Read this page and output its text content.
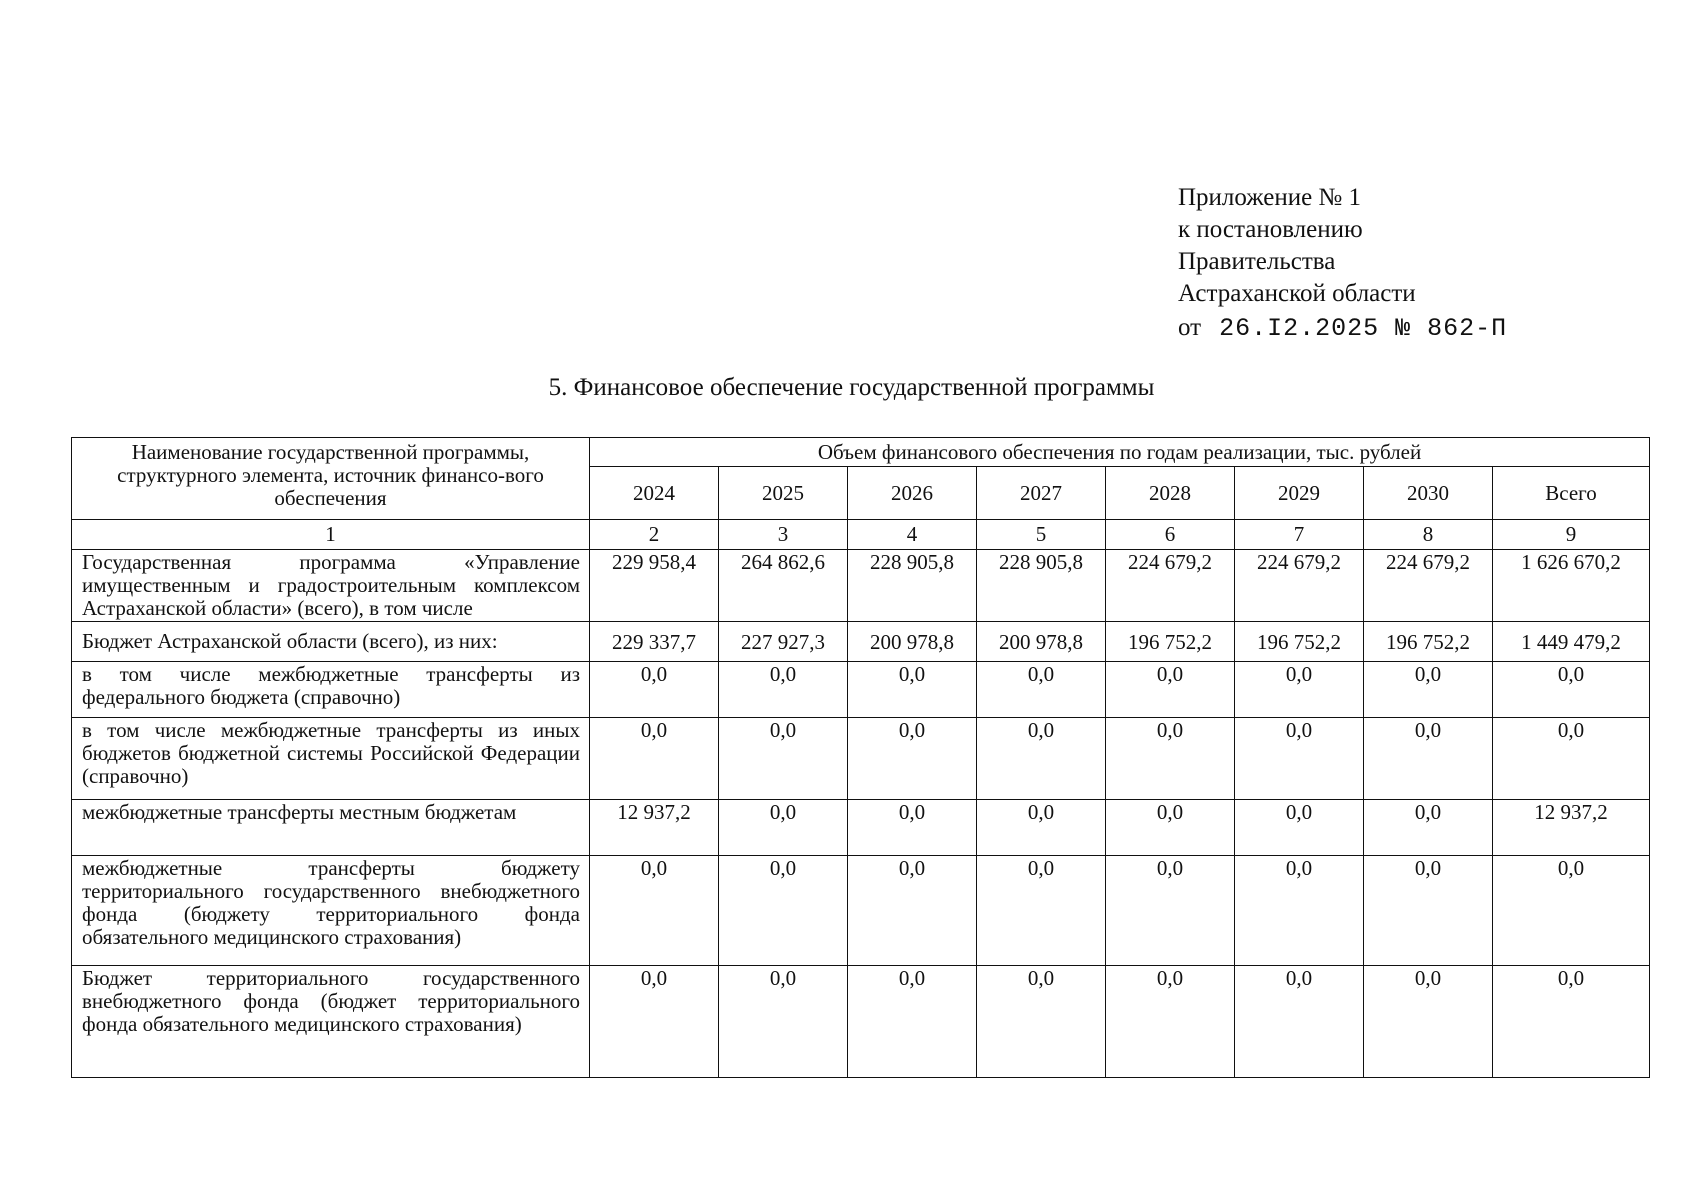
Приложение № 1
к постановлению
Правительства
Астраханской области
от 26.I2.2025 № 862-П
5. Финансовое обеспечение государственной программы
Наименование государственной программы, структурного элемента, источник финансо-вого обеспечения	Объем финансового обеспечения по годам реализации, тыс. рублей							
	2024	2025	2026	2027	2028	2029	2030	Всего
1	2	3	4	5	6	7	8	9
Государственная программа «Управление имущественным и градостроительным комплексом Астраханской области» (всего), в том числе	229 958,4	264 862,6	228 905,8	228 905,8	224 679,2	224 679,2	224 679,2	1 626 670,2
Бюджет Астраханской области (всего), из них:	229 337,7	227 927,3	200 978,8	200 978,8	196 752,2	196 752,2	196 752,2	1 449 479,2
в том числе межбюджетные трансферты из федерального бюджета (справочно)	0,0	0,0	0,0	0,0	0,0	0,0	0,0	0,0
в том числе межбюджетные трансферты из иных бюджетов бюджетной системы Российской Федерации (справочно)	0,0	0,0	0,0	0,0	0,0	0,0	0,0	0,0
межбюджетные трансферты местным бюджетам	12 937,2	0,0	0,0	0,0	0,0	0,0	0,0	12 937,2
межбюджетные трансферты бюджету территориального государственного внебюджетного фонда (бюджету территориального фонда обязательного медицинского страхования)	0,0	0,0	0,0	0,0	0,0	0,0	0,0	0,0
Бюджет территориального государственного внебюджетного фонда (бюджет территориального фонда обязательного медицинского страхования)	0,0	0,0	0,0	0,0	0,0	0,0	0,0	0,0
